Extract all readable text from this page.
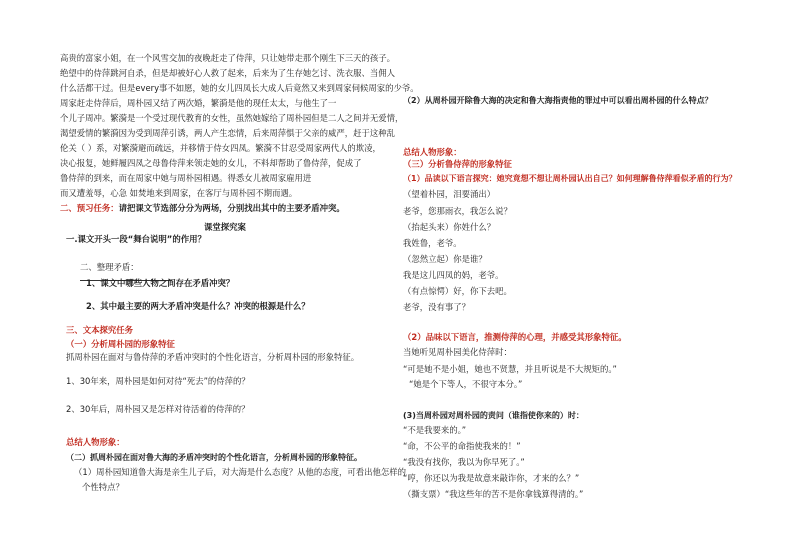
高贵的富家小姐，在一个风雪交加的夜晚赶走了侍萍，只让她带走那个刚生下三天的孩子。
绝望中的侍萍跳河自杀，但是却被好心人救了起来，后来为了生存她乞讨、洗衣服、当佣人
什么活都干过。但是every事不如愿，她的女儿四凤长大成人后竟然又来到周家伺候周家的少爷。
周家赶走侍萍后，周朴园又结了两次婚，繁漪是他的现任太太，与他生了一
个儿子周冲。繁漪是一个受过现代教育的女性，虽然她嫁给了周朴园但是二人之间并无爱情，
渴望爱情的繁漪因为受到周萍引诱，两人产生恋情，后来周萍惧于父亲的威严，赶于这种乱
伦关（ ）系，对繁漪避而疏远，并移情于侍女四凤。繁漪不甘忍受周家两代人的欺凌，
决心报复，她鲜履四凤之母鲁侍萍来领走她的女儿，不料却帮助了鲁侍萍，促成了
鲁侍萍的到来，而在周家中她与周朴园相遇。得悉女儿被周家雇用进
而又遭羞辱，心急 如焚地来到周家，在客厅与周朴园不期而遇。
二、预习任务：请把课文节选部分分为两场，分别找出其中的主要矛盾冲突。
课堂探究案
一.课文开头一段“舞台说明”的作用？
二、整理矛盾：
1、课文中哪些人物之间存在矛盾冲突？
2、其中最主要的两大矛盾冲突是什么？冲突的根源是什么？
三、文本探究任务
（一）分析周朴园的形象特征
抓周朴园在面对与鲁侍萍的矛盾冲突时的个性化语言，分析周朴园的形象特征。
1、30年来，周朴园是如何对待“死去”的侍萍的？
2、30年后，周朴园又是怎样对待活着的侍萍的？
总结人物形象：
（二）抓周朴园在面对鲁大海的矛盾冲突时的个性化语言，分析周朴园的形象特征。
（1）周朴园知道鲁大海是亲生儿子后，对大海是什么态度？从他的态度，可看出他怎样的
个性特点？
（2）从周朴园开除鲁大海的决定和鲁大海指责他的罪过中可以看出周朴园的什么特点？
总结人物形象：
（三）分析鲁侍萍的形象特征
（1）品读以下语言探究：她究竟想不想让周朴园认出自己？如何理解鲁侍萍看似矛盾的行为？
（望着朴园，泪要涌出）
老爷，您那雨衣，我怎么说？
（抬起头来）你姓什么？
我姓鲁，老爷。
（忽然立起）你是谁？
我是这儿四凤的妈，老爷。
（有点惊愕）好，你下去吧。
老爷，没有事了？
（2）品味以下语言，推测侍萍的心理，并感受其形象特征。
当她听见周朴园美化侍萍时：
“可是她不是小姐，她也不贤慧，并且听说是不大规矩的。”
“她是个下等人，不很守本分。”
(3)当周朴园对周朴园的责问（谁指使你来的）时：
“不是我要来的。”
“命，不公平的命指使我来的！”
“我没有找你，我以为你早死了。”
“哼，你还以为我是故意来敲诈你，才来的么？”
（撕支票）“我这些年的苦不是你拿钱算得清的。”
